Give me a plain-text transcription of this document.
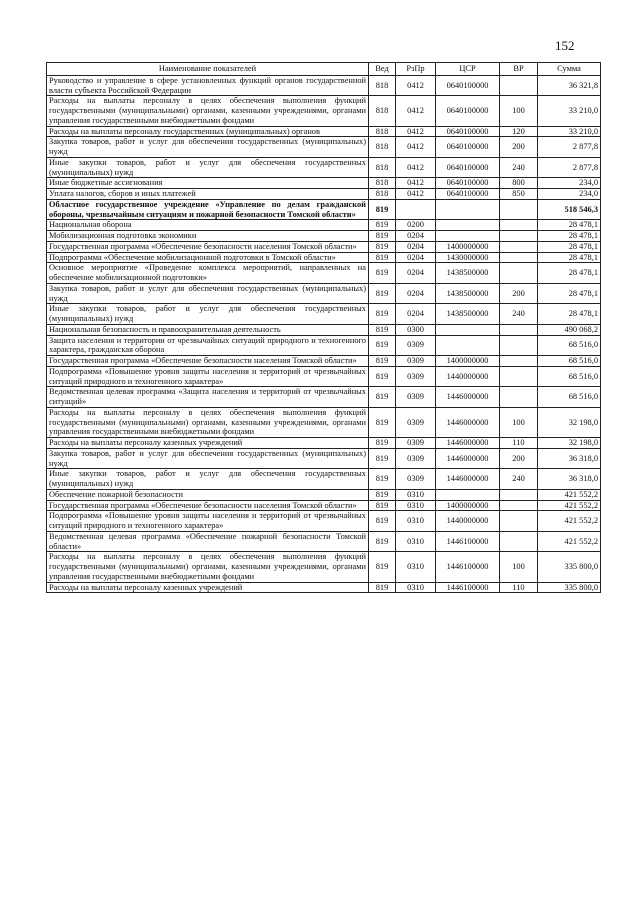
152
Наименование показателей	Вед	РзПр	ЦСР	ВР	Сумма
Руководство и управление в сфере установленных функций органов государственной власти субъекта Российской Федерации	818	0412	0640100000		36 321,8
Расходы на выплаты персоналу в целях обеспечения выполнения функций государственными (муниципальными) органами, казенными учреждениями, органами управления государственными внебюджетными фондами	818	0412	0640100000	100	33 210,0
Расходы на выплаты персоналу государственных (муниципальных) органов	818	0412	0640100000	120	33 210,0
Закупка товаров, работ и услуг для обеспечения государственных (муниципальных) нужд	818	0412	0640100000	200	2 877,8
Иные закупки товаров, работ и услуг для обеспечения государственных (муниципальных) нужд	818	0412	0640100000	240	2 877,8
Иные бюджетные ассигнования	818	0412	0640100000	800	234,0
Уплата налогов, сборов и иных платежей	818	0412	0640100000	850	234,0
Областное государственное учреждение «Управление по делам гражданской обороны, чрезвычайным ситуациям и пожарной безопасности Томской области»	819				518 546,3
Национальная оборона	819	0200			28 478,1
Мобилизационная подготовка экономики	819	0204			28 478,1
Государственная программа «Обеспечение безопасности населения Томской области»	819	0204	1400000000		28 478,1
Подпрограмма «Обеспечение мобилизационной подготовки в Томской области»	819	0204	1430000000		28 478,1
Основное мероприятие «Проведение комплекса мероприятий, направленных на обеспечение мобилизационной подготовки»	819	0204	1438500000		28 478,1
Закупка товаров, работ и услуг для обеспечения государственных (муниципальных) нужд	819	0204	1438500000	200	28 478,1
Иные закупки товаров, работ и услуг для обеспечения государственных (муниципальных) нужд	819	0204	1438500000	240	28 478,1
Национальная безопасность и правоохранительная деятельность	819	0300			490 068,2
Защита населения и территории от чрезвычайных ситуаций природного и техногенного характера, гражданская оборона	819	0309			68 516,0
Государственная программа «Обеспечение безопасности населения Томской области»	819	0309	1400000000		68 516,0
Подпрограмма «Повышение уровня защиты населения и территорий от чрезвычайных ситуаций природного и техногенного характера»	819	0309	1440000000		68 516,0
Ведомственная целевая программа «Защита населения и территорий от чрезвычайных ситуаций»	819	0309	1446000000		68 516,0
Расходы на выплаты персоналу в целях обеспечения выполнения функций государственными (муниципальными) органами, казенными учреждениями, органами управления государственными внебюджетными фондами	819	0309	1446000000	100	32 198,0
Расходы на выплаты персоналу казенных учреждений	819	0309	1446000000	110	32 198,0
Закупка товаров, работ и услуг для обеспечения государственных (муниципальных) нужд	819	0309	1446000000	200	36 318,0
Иные закупки товаров, работ и услуг для обеспечения государственных (муниципальных) нужд	819	0309	1446000000	240	36 318,0
Обеспечение пожарной безопасности	819	0310			421 552,2
Государственная программа «Обеспечение безопасности населения Томской области»	819	0310	1400000000		421 552,2
Подпрограмма «Повышение уровня защиты населения и территорий от чрезвычайных ситуаций природного и техногенного характера»	819	0310	1440000000		421 552,2
Ведомственная целевая программа «Обеспечение пожарной безопасности Томской области»	819	0310	1446100000		421 552,2
Расходы на выплаты персоналу в целях обеспечения выполнения функций государственными (муниципальными) органами, казенными учреждениями, органами управления государственными внебюджетными фондами	819	0310	1446100000	100	335 800,0
Расходы на выплаты персоналу казенных учреждений	819	0310	1446100000	110	335 800,0
